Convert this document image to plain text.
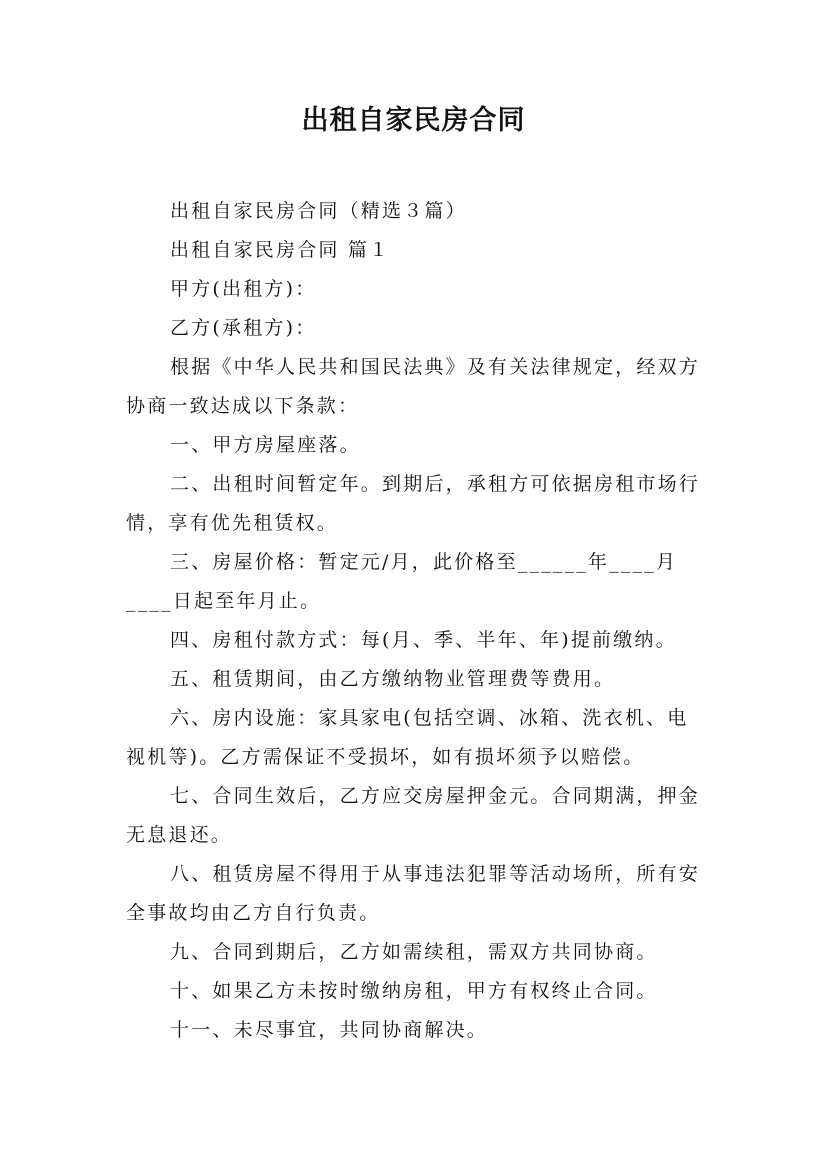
出租自家民房合同

出租自家民房合同（精选３篇）

出租自家民房合同 篇１

甲方(出租方)：

乙方(承租方)：

根据《中华人民共和国民法典》及有关法律规定，经双方协商一致达成以下条款：

一、甲方房屋座落。

二、出租时间暂定年。到期后，承租方可依据房租市场行情，享有优先租赁权。

三、房屋价格：暂定元/月，此价格至______年____月____日起至年月止。

四、房租付款方式：每(月、季、半年、年)提前缴纳。

五、租赁期间，由乙方缴纳物业管理费等费用。

六、房内设施：家具家电(包括空调、冰箱、洗衣机、电视机等)。乙方需保证不受损坏，如有损坏须予以赔偿。

七、合同生效后，乙方应交房屋押金元。合同期满，押金无息退还。

八、租赁房屋不得用于从事违法犯罪等活动场所，所有安全事故均由乙方自行负责。

九、合同到期后，乙方如需续租，需双方共同协商。

十、如果乙方未按时缴纳房租，甲方有权终止合同。

十一、未尽事宜，共同协商解决。
